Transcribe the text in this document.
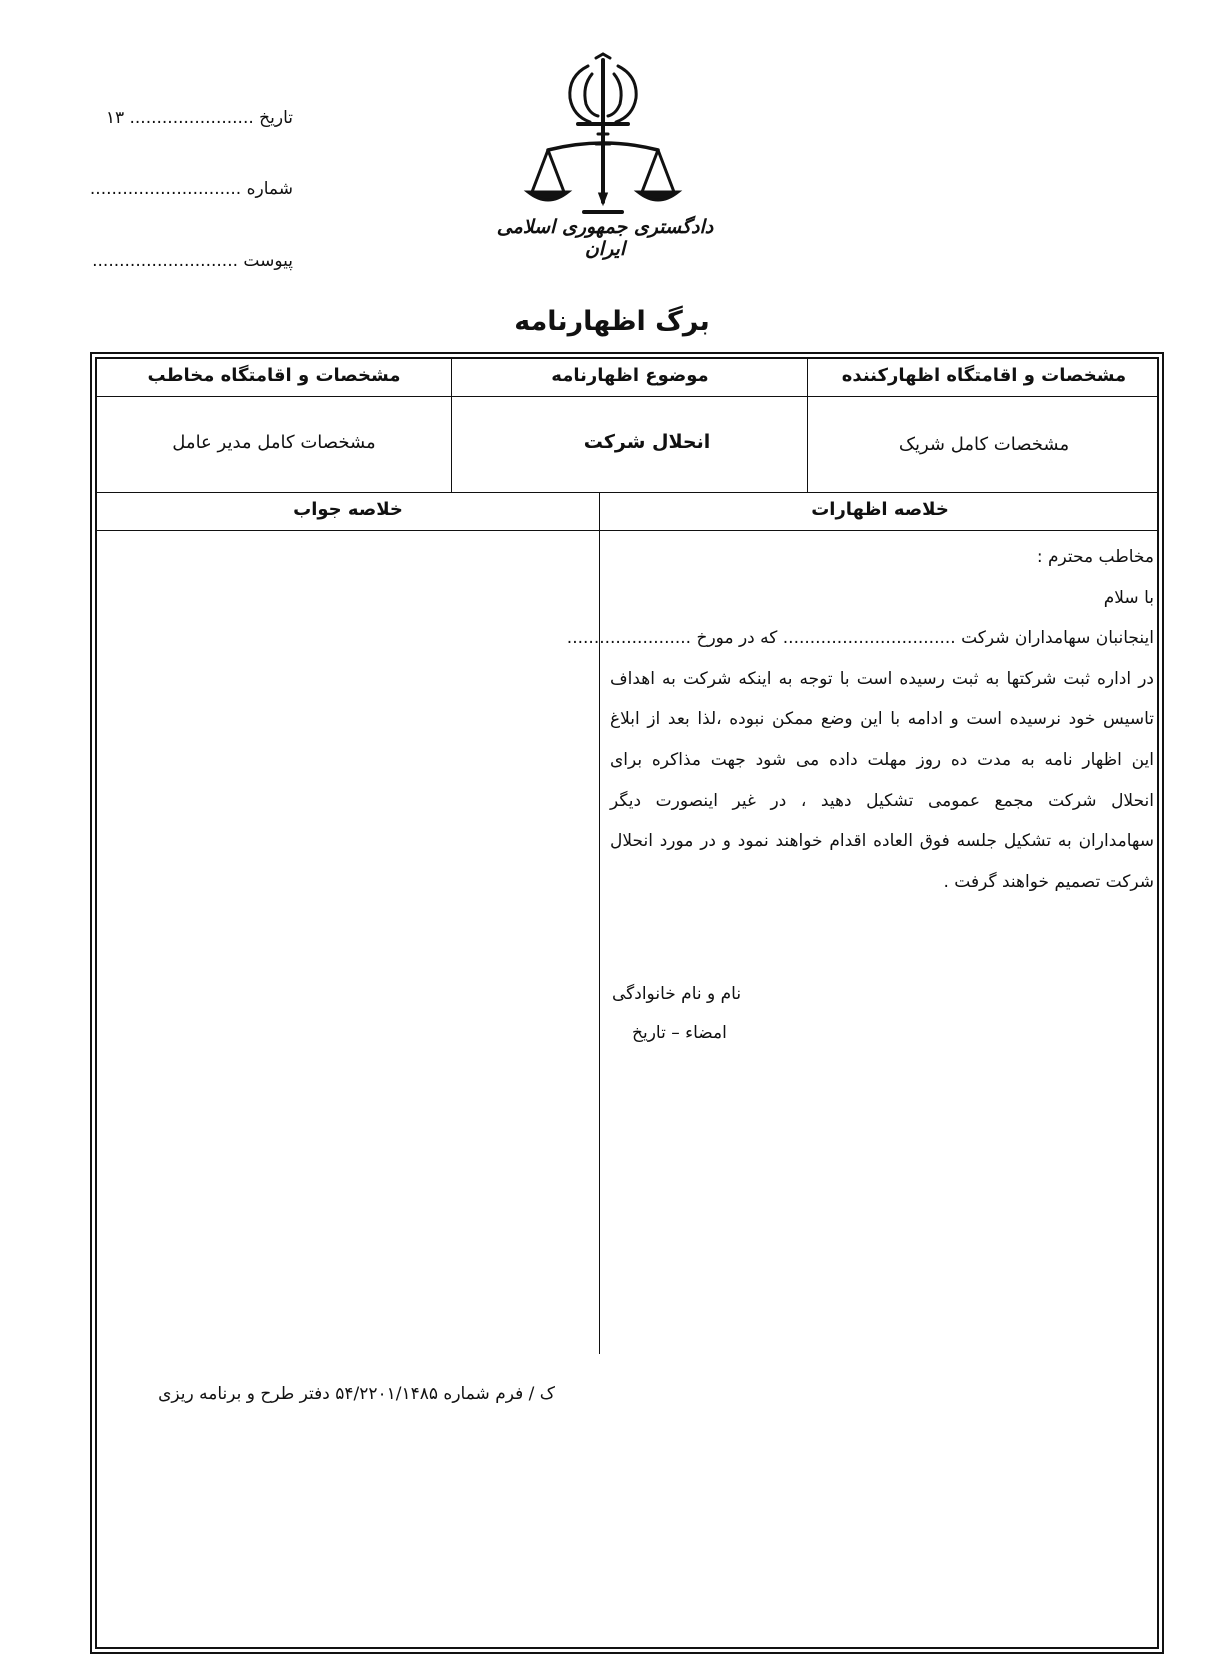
تاریخ ....................... ۱۳
شماره ............................
پیوست ...........................
دادگستری جمهوری اسلامی ایران
برگ اظهارنامه
مشخصات و اقامتگاه اظهارکننده
موضوع اظهارنامه
مشخصات و اقامتگاه مخاطب
مشخصات کامل شریک
انحلال شرکت
مشخصات کامل مدیر عامل
خلاصه اظهارات
خلاصه جواب
مخاطب محترم :
با سلام
اینجانبان سهامداران شرکت ................................ که در مورخ .......................
در اداره ثبت شرکتها به ثبت رسیده است با توجه به اینکه شرکت به اهداف
تاسیس خود نرسیده است و ادامه با این وضع ممکن نبوده ،لذا بعد از ابلاغ
این اظهار نامه به مدت ده روز مهلت داده می شود جهت مذاکره برای
انحلال شرکت مجمع عمومی تشکیل دهید ، در غیر اینصورت دیگر
سهامداران به تشکیل جلسه فوق العاده اقدام خواهند نمود و در مورد انحلال
شرکت تصمیم خواهند گرفت .
نام و نام خانوادگی
امضاء – تاریخ
ک / فرم شماره ۵۴/۲۲۰۱/۱۴۸۵ دفتر طرح و برنامه ریزی
